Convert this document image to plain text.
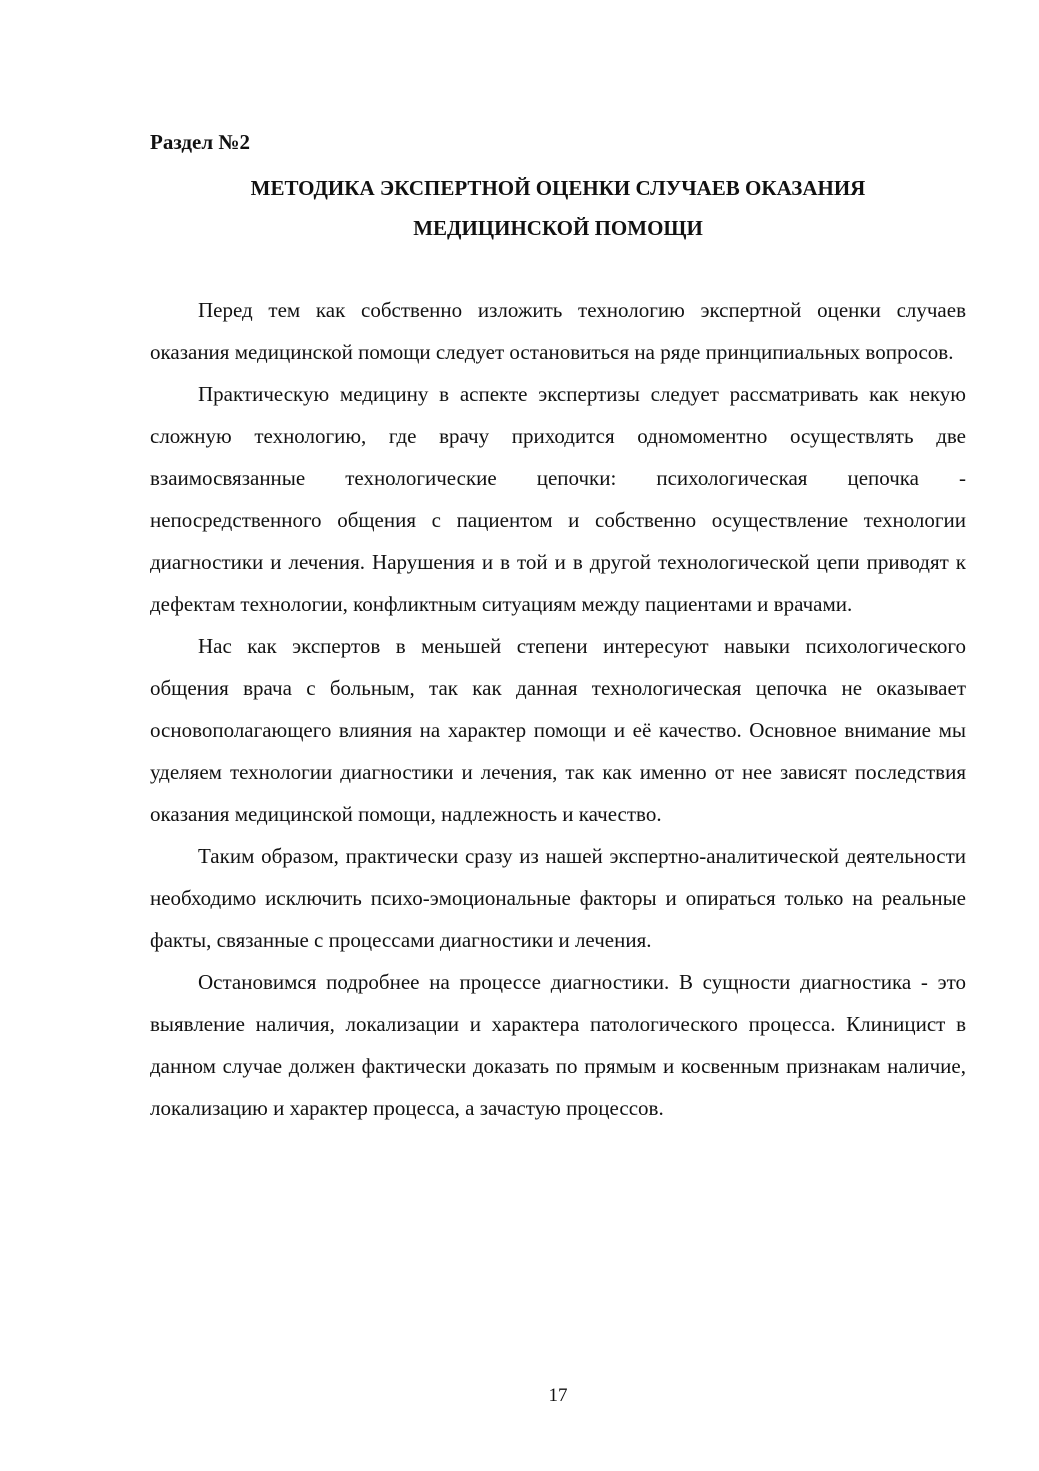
Раздел №2
МЕТОДИКА ЭКСПЕРТНОЙ ОЦЕНКИ СЛУЧАЕВ ОКАЗАНИЯ
МЕДИЦИНСКОЙ ПОМОЩИ

Перед тем как собственно изложить технологию экспертной оценки случаев оказания медицинской помощи следует остановиться на ряде принципиальных вопросов.

Практическую медицину в аспекте экспертизы следует рассматривать как некую сложную технологию, где врачу приходится одномоментно осуществлять две взаимосвязанные технологические цепочки: психологическая цепочка - непосредственного общения с пациентом и собственно осуществление технологии диагностики и лечения. Нарушения и в той и в другой технологической цепи приводят к дефектам технологии, конфликтным ситуациям между пациентами и врачами.

Нас как экспертов в меньшей степени интересуют навыки психологического общения врача с больным, так как данная технологическая цепочка не оказывает основополагающего влияния на характер помощи и её качество. Основное внимание мы уделяем технологии диагностики и лечения, так как именно от нее зависят последствия оказания медицинской помощи, надлежность и качество.

Таким образом, практически сразу из нашей экспертно-аналитической деятельности необходимо исключить психо-эмоциональные факторы и опираться только на реальные факты, связанные с процессами диагностики и лечения.

Остановимся подробнее на процессе диагностики. В сущности диагностика - это выявление наличия, локализации и характера патологического процесса. Клиницист в данном случае должен фактически доказать по прямым и косвенным признакам наличие, локализацию и характер процесса, а зачастую процессов.

17
